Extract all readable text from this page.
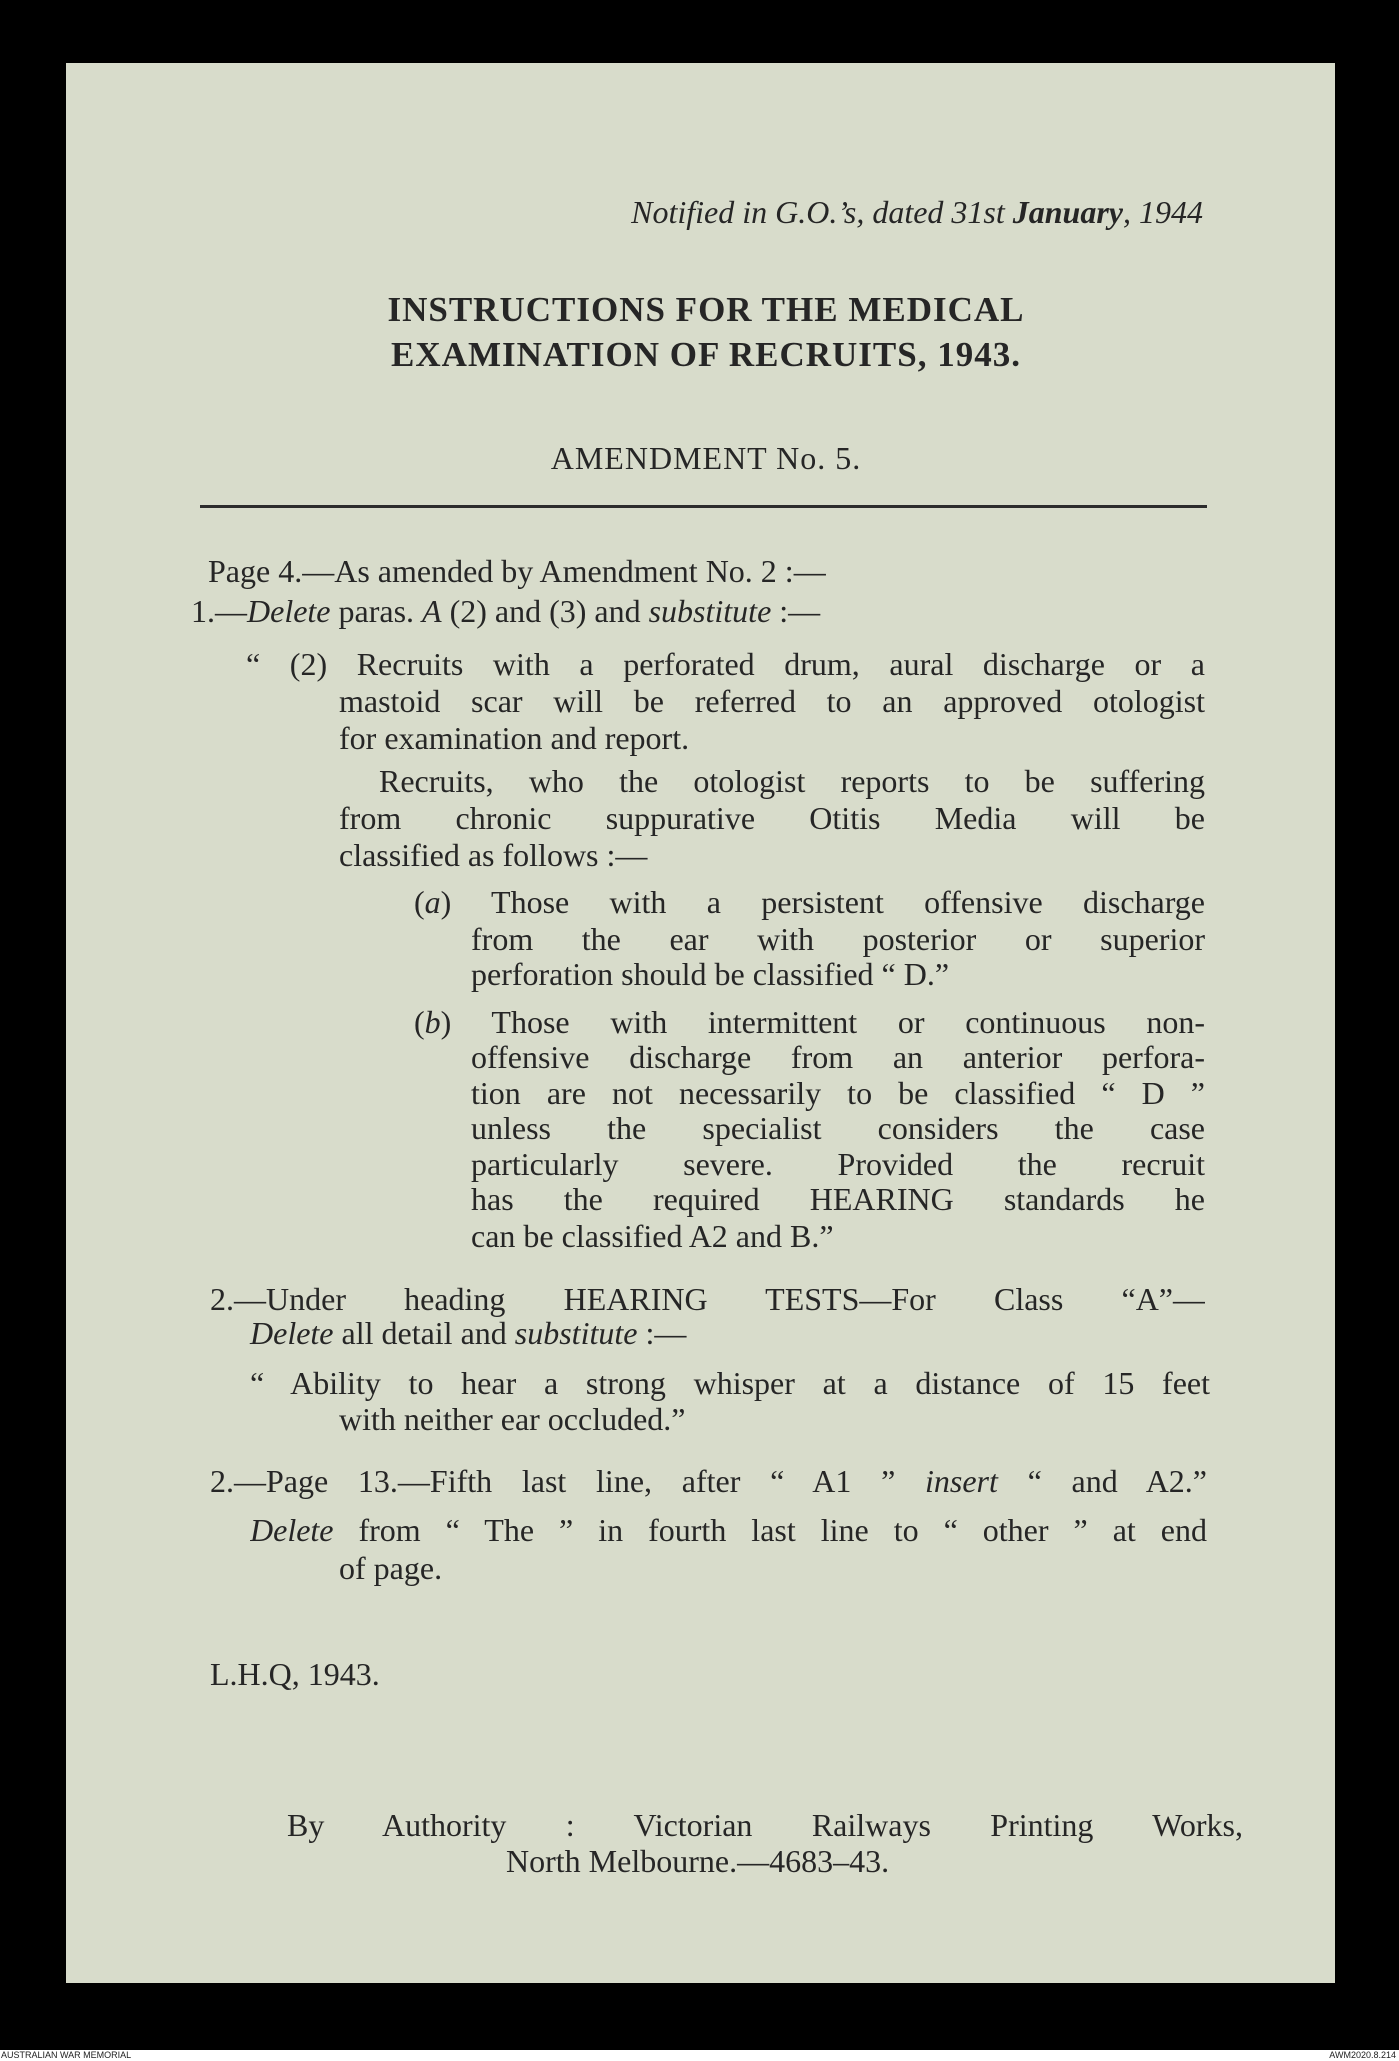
Notified in G.O.’s, dated 31st January, 1944
INSTRUCTIONS FOR THE MEDICAL
EXAMINATION OF RECRUITS, 1943.
AMENDMENT No. 5.
Page 4.—As amended by Amendment No. 2 :—
1.—Delete paras. A (2) and (3) and substitute :—
“ (2) Recruits with a perforated drum, aural discharge or a
mastoid scar will be referred to an approved otologist
for examination and report.
Recruits, who the otologist reports to be suffering
from chronic suppurative Otitis Media will be
classified as follows :—
(a) Those with a persistent offensive discharge
from the ear with posterior or superior
perforation should be classified “ D.”
(b) Those with intermittent or continuous non-
offensive discharge from an anterior perfora-
tion are not necessarily to be classified “ D ”
unless the specialist considers the case
particularly severe. Provided the recruit
has the required HEARING standards he
can be classified A2 and B.”
2.—Under heading HEARING TESTS—For Class “A”—
Delete all detail and substitute :—
“ Ability to hear a strong whisper at a distance of 15 feet
with neither ear occluded.”
2.—Page 13.—Fifth last line, after “ A1 ” insert “ and A2.”
Delete from “ The ” in fourth last line to “ other ” at end
of page.
L.H.Q, 1943.
By Authority : Victorian Railways Printing Works,
North Melbourne.—4683–43.
AUSTRALIAN WAR MEMORIAL	AWM2020.8.214
